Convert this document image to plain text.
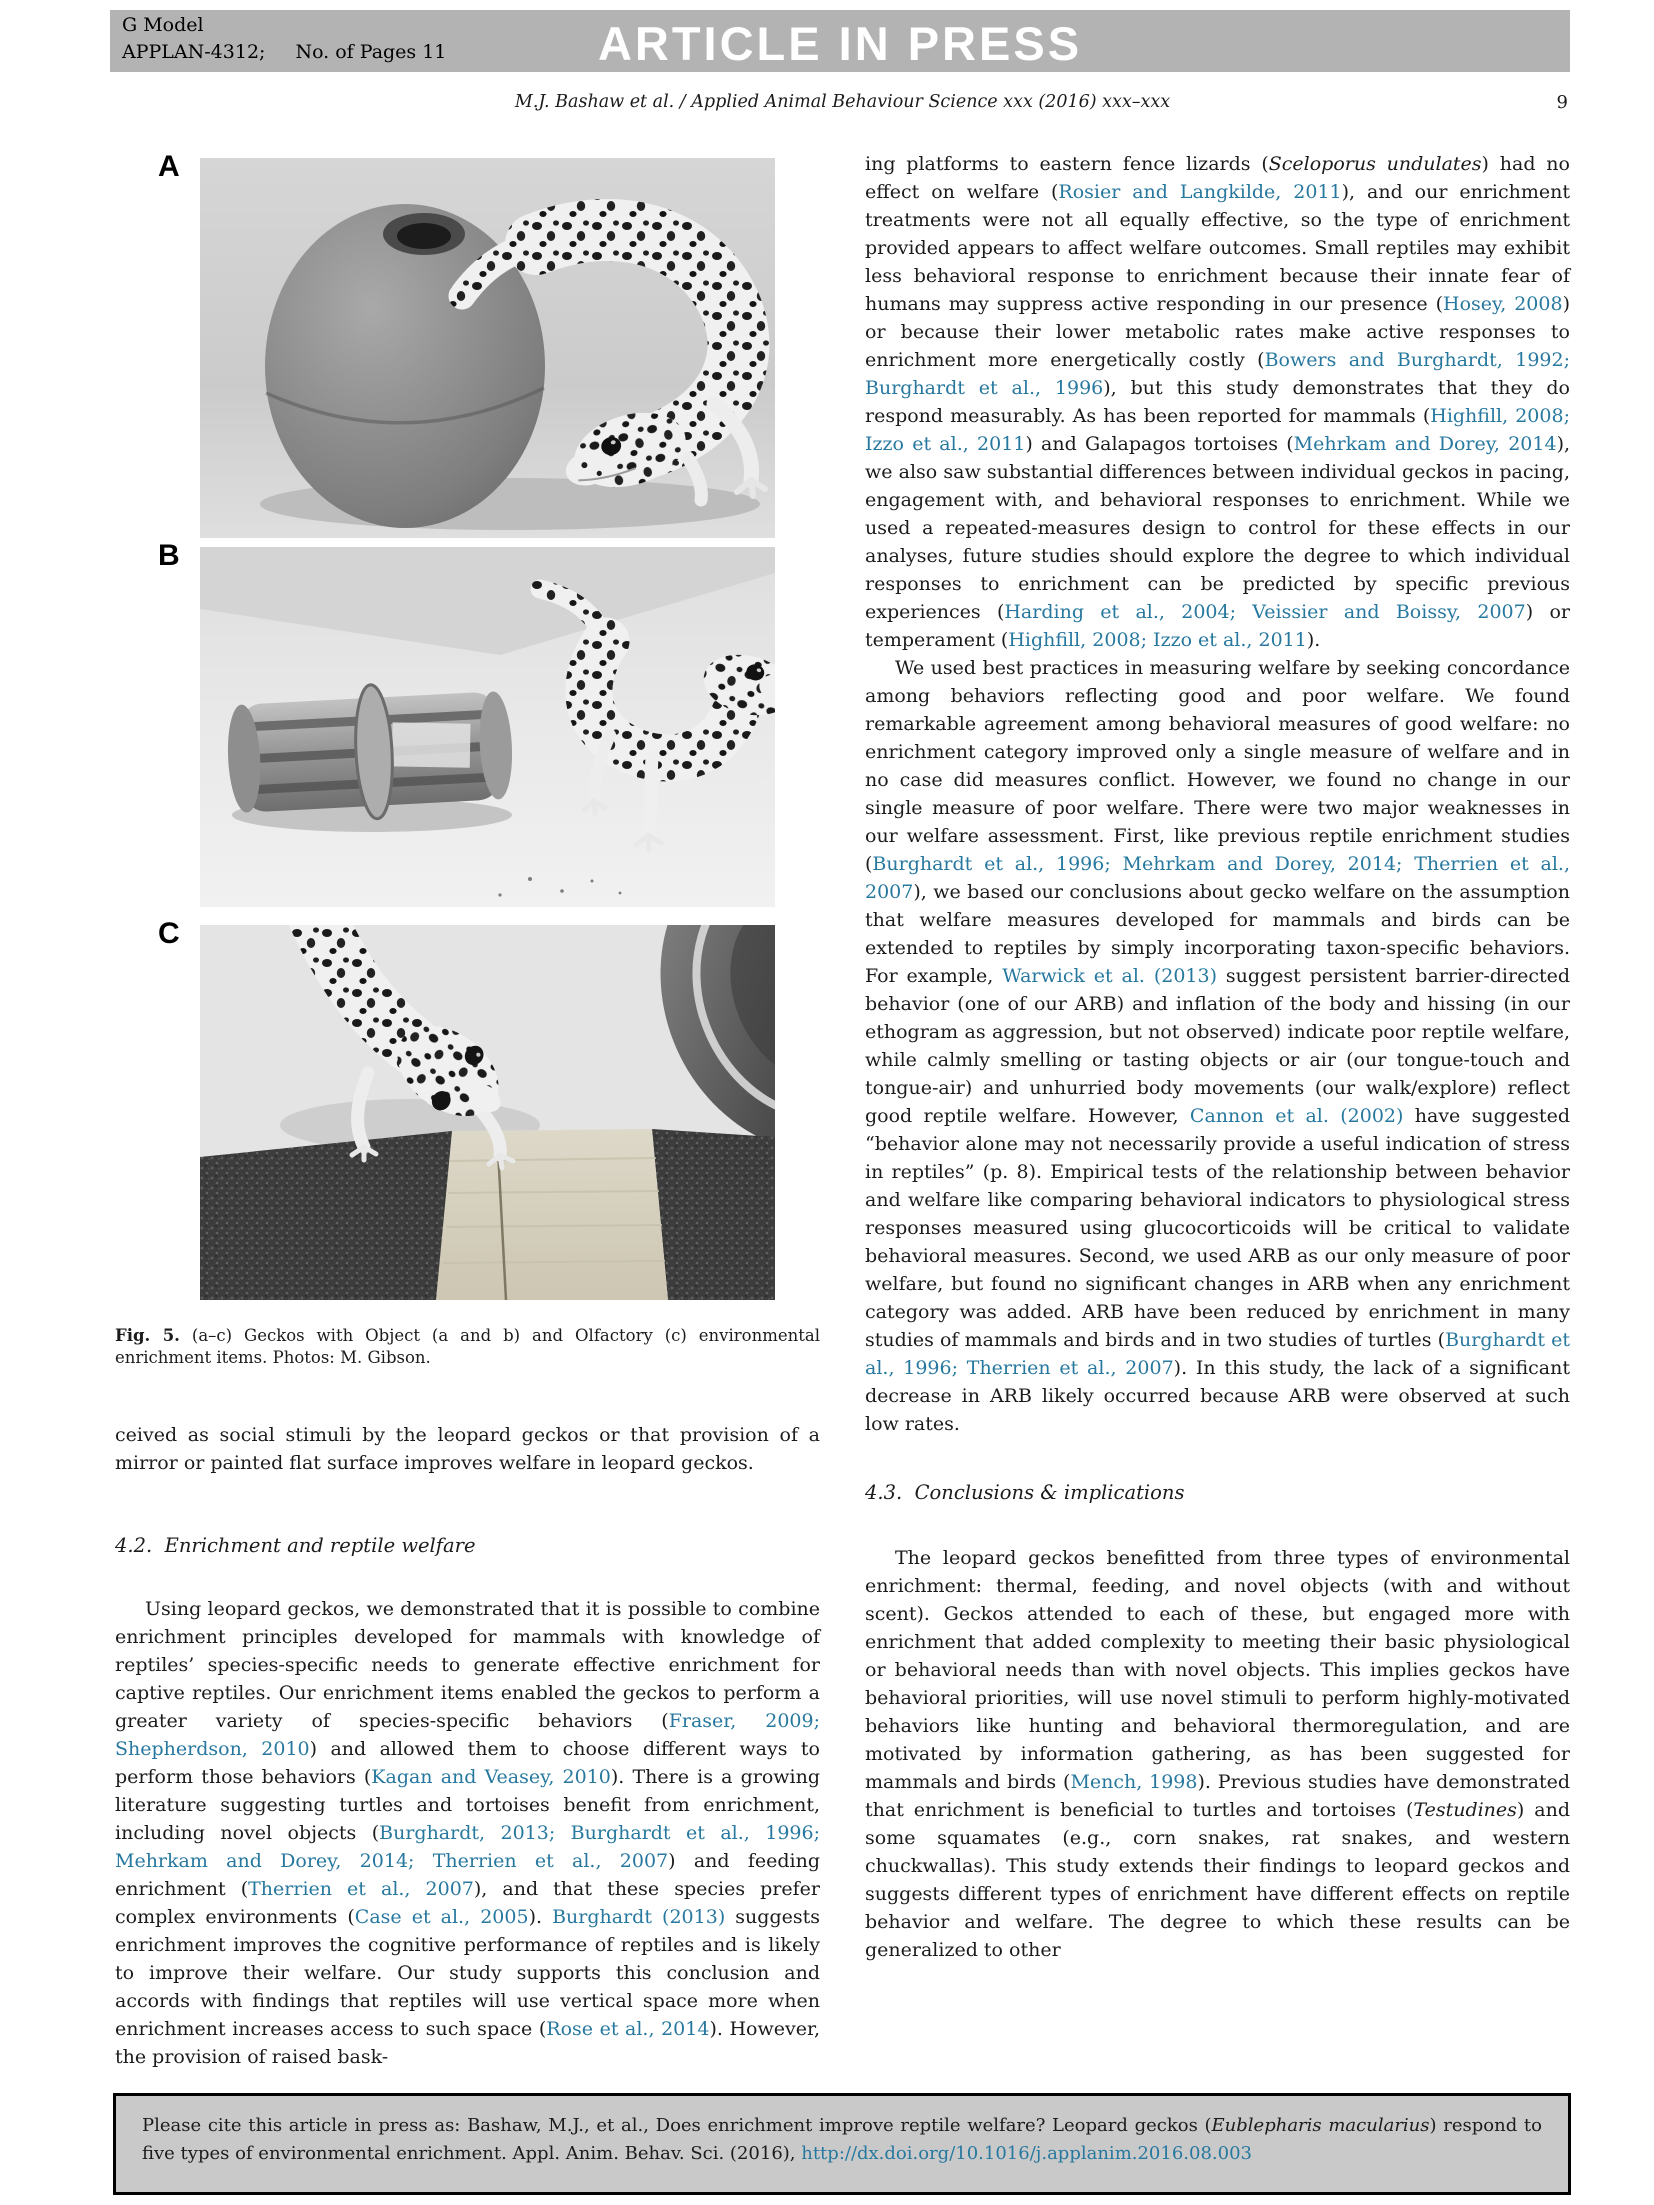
G Model
APPLAN-4312; No. of Pages 11	ARTICLE IN PRESS
M.J. Bashaw et al. / Applied Animal Behaviour Science xxx (2016) xxx–xxx	9
A
B
C

Fig. 5. (a–c) Geckos with Object (a and b) and Olfactory (c) environmental enrichment items. Photos: M. Gibson.

ceived as social stimuli by the leopard geckos or that provision of a mirror or painted flat surface improves welfare in leopard geckos.

4.2.  Enrichment and reptile welfare

Using leopard geckos, we demonstrated that it is possible to combine enrichment principles developed for mammals with knowledge of reptiles’ species-specific needs to generate effective enrichment for captive reptiles. Our enrichment items enabled the geckos to perform a greater variety of species-specific behaviors (Fraser, 2009; Shepherdson, 2010) and allowed them to choose different ways to perform those behaviors (Kagan and Veasey, 2010). There is a growing literature suggesting turtles and tortoises benefit from enrichment, including novel objects (Burghardt, 2013; Burghardt et al., 1996; Mehrkam and Dorey, 2014; Therrien et al., 2007) and feeding enrichment (Therrien et al., 2007), and that these species prefer complex environments (Case et al., 2005). Burghardt (2013) suggests enrichment improves the cognitive performance of reptiles and is likely to improve their welfare. Our study supports this conclusion and accords with findings that reptiles will use vertical space more when enrichment increases access to such space (Rose et al., 2014). However, the provision of raised bask-

ing platforms to eastern fence lizards (Sceloporus undulates) had no effect on welfare (Rosier and Langkilde, 2011), and our enrichment treatments were not all equally effective, so the type of enrichment provided appears to affect welfare outcomes. Small reptiles may exhibit less behavioral response to enrichment because their innate fear of humans may suppress active responding in our presence (Hosey, 2008) or because their lower metabolic rates make active responses to enrichment more energetically costly (Bowers and Burghardt, 1992; Burghardt et al., 1996), but this study demonstrates that they do respond measurably. As has been reported for mammals (Highfill, 2008; Izzo et al., 2011) and Galapagos tortoises (Mehrkam and Dorey, 2014), we also saw substantial differences between individual geckos in pacing, engagement with, and behavioral responses to enrichment. While we used a repeated-measures design to control for these effects in our analyses, future studies should explore the degree to which individual responses to enrichment can be predicted by specific previous experiences (Harding et al., 2004; Veissier and Boissy, 2007) or temperament (Highfill, 2008; Izzo et al., 2011).

We used best practices in measuring welfare by seeking concordance among behaviors reflecting good and poor welfare. We found remarkable agreement among behavioral measures of good welfare: no enrichment category improved only a single measure of welfare and in no case did measures conflict. However, we found no change in our single measure of poor welfare. There were two major weaknesses in our welfare assessment. First, like previous reptile enrichment studies (Burghardt et al., 1996; Mehrkam and Dorey, 2014; Therrien et al., 2007), we based our conclusions about gecko welfare on the assumption that welfare measures developed for mammals and birds can be extended to reptiles by simply incorporating taxon-specific behaviors. For example, Warwick et al. (2013) suggest persistent barrier-directed behavior (one of our ARB) and inflation of the body and hissing (in our ethogram as aggression, but not observed) indicate poor reptile welfare, while calmly smelling or tasting objects or air (our tongue-touch and tongue-air) and unhurried body movements (our walk/explore) reflect good reptile welfare. However, Cannon et al. (2002) have suggested “behavior alone may not necessarily provide a useful indication of stress in reptiles” (p. 8). Empirical tests of the relationship between behavior and welfare like comparing behavioral indicators to physiological stress responses measured using glucocorticoids will be critical to validate behavioral measures. Second, we used ARB as our only measure of poor welfare, but found no significant changes in ARB when any enrichment category was added. ARB have been reduced by enrichment in many studies of mammals and birds and in two studies of turtles (Burghardt et al., 1996; Therrien et al., 2007). In this study, the lack of a significant decrease in ARB likely occurred because ARB were observed at such low rates.

4.3.  Conclusions & implications

The leopard geckos benefitted from three types of environmental enrichment: thermal, feeding, and novel objects (with and without scent). Geckos attended to each of these, but engaged more with enrichment that added complexity to meeting their basic physiological or behavioral needs than with novel objects. This implies geckos have behavioral priorities, will use novel stimuli to perform highly-motivated behaviors like hunting and behavioral thermoregulation, and are motivated by information gathering, as has been suggested for mammals and birds (Mench, 1998). Previous studies have demonstrated that enrichment is beneficial to turtles and tortoises (Testudines) and some squamates (e.g., corn snakes, rat snakes, and western chuckwallas). This study extends their findings to leopard geckos and suggests different types of enrichment have different effects on reptile behavior and welfare. The degree to which these results can be generalized to other

Please cite this article in press as: Bashaw, M.J., et al., Does enrichment improve reptile welfare? Leopard geckos (Eublepharis macularius) respond to five types of environmental enrichment. Appl. Anim. Behav. Sci. (2016), http://dx.doi.org/10.1016/j.applanim.2016.08.003
